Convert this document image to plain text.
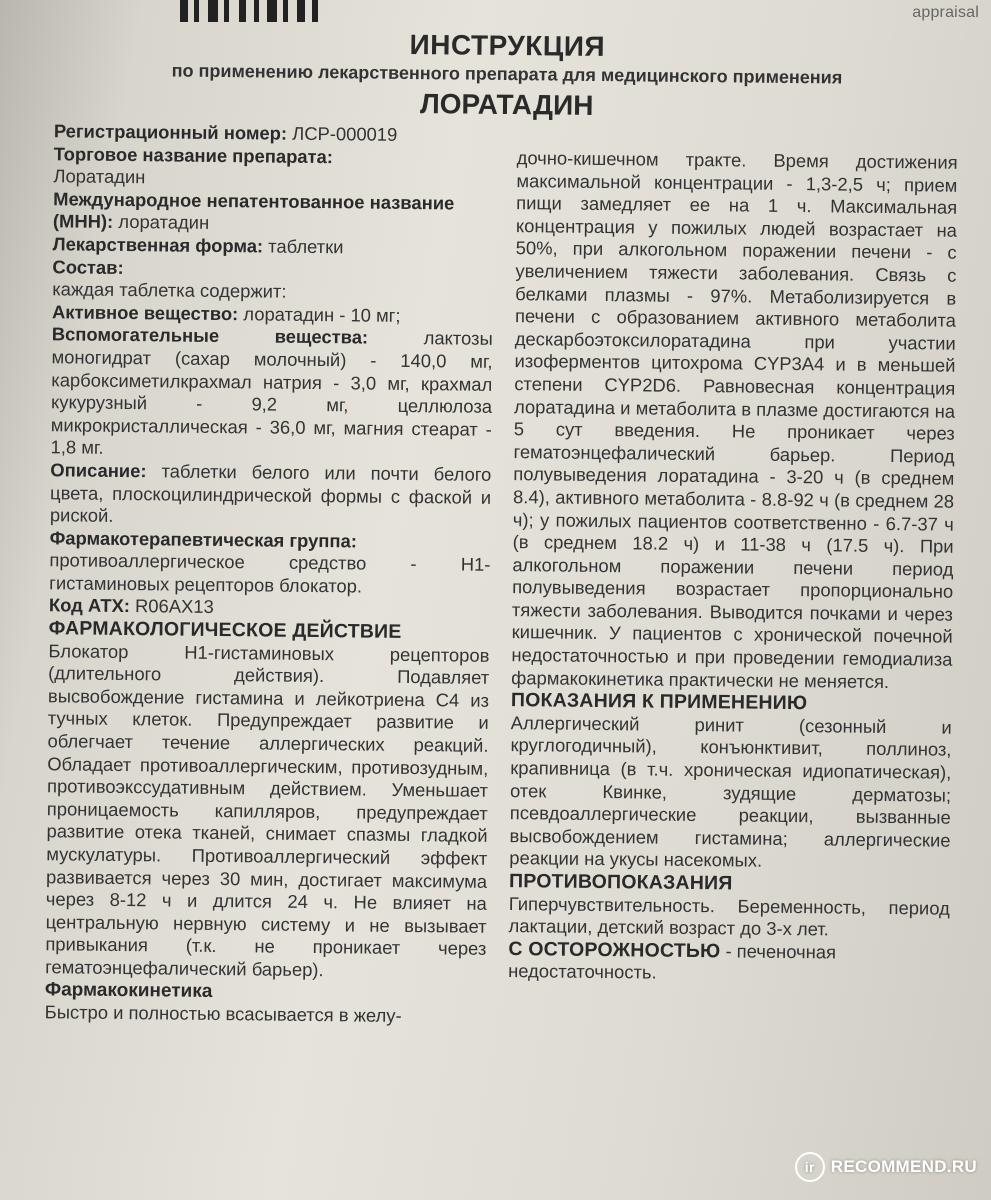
appraisal
ИНСТРУКЦИЯ
по применению лекарственного препарата для медицинского применения
ЛОРАТАДИН

Регистрационный номер: ЛСР-000019

Торговое название препарата:

Лоратадин

Международное непатентованное название (МНН): лоратадин

Лекарственная форма: таблетки

Состав:

каждая таблетка содержит:

Активное вещество: лоратадин - 10 мг;

Вспомогательные вещества: лактозы моногидрат (сахар молочный) - 140,0 мг, карбоксиметилкрахмал натрия - 3,0 мг, крахмал кукурузный - 9,2 мг, целлюлоза микрокристаллическая - 36,0 мг, магния стеарат - 1,8 мг.

Описание: таблетки белого или почти белого цвета, плоскоцилиндрической формы с фаской и риской.

Фармакотерапевтическая группа:

противоаллергическое средство - Н1-гистаминовых рецепторов блокатор.

Код АТХ: R06AX13

ФАРМАКОЛОГИЧЕСКОЕ ДЕЙСТВИЕ

Блокатор Н1-гистаминовых рецепторов (длительного действия). Подавляет высвобождение гистамина и лейкотриена С4 из тучных клеток. Предупреждает развитие и облегчает течение аллергических реакций. Обладает противоаллергическим, противозудным, противоэкссудативным действием. Уменьшает проницаемость капилляров, предупреждает развитие отека тканей, снимает спазмы гладкой мускулатуры. Противоаллергический эффект развивается через 30 мин, достигает максимума через 8-12 ч и длится 24 ч. Не влияет на центральную нервную систему и не вызывает привыкания (т.к. не проникает через гематоэнцефалический барьер).

Фармакокинетика

Быстро и полностью всасывается в желу-

дочно-кишечном тракте. Время достижения максимальной концентрации - 1,3-2,5 ч; прием пищи замедляет ее на 1 ч. Максимальная концентрация у пожилых людей возрастает на 50%, при алкогольном поражении печени - с увеличением тяжести заболевания. Связь с белками плазмы - 97%. Метаболизируется в печени с образованием активного метаболита дескарбоэтоксилоратадина при участии изоферментов цитохрома CYP3A4 и в меньшей степени CYP2D6. Равновесная концентрация лоратадина и метаболита в плазме достигаются на 5 сут введения. Не проникает через гематоэнцефалический барьер. Период полувыведения лоратадина - 3-20 ч (в среднем 8.4), активного метаболита - 8.8-92 ч (в среднем 28 ч); у пожилых пациентов соответственно - 6.7-37 ч (в среднем 18.2 ч) и 11-38 ч (17.5 ч). При алкогольном поражении печени период полувыведения возрастает пропорционально тяжести заболевания. Выводится почками и через кишечник. У пациентов с хронической почечной недостаточностью и при проведении гемодиализа фармакокинетика практически не меняется.

ПОКАЗАНИЯ К ПРИМЕНЕНИЮ

Аллергический ринит (сезонный и круглогодичный), конъюнктивит, поллиноз, крапивница (в т.ч. хроническая идиопатическая), отек Квинке, зудящие дерматозы; псевдоаллергические реакции, вызванные высвобождением гистамина; аллергические реакции на укусы насекомых.

ПРОТИВОПОКАЗАНИЯ

Гиперчувствительность. Беременность, период лактации, детский возраст до 3-х лет.

С ОСТОРОЖНОСТЬЮ - печеночная недостаточность.

ir RECOMMEND.RU
